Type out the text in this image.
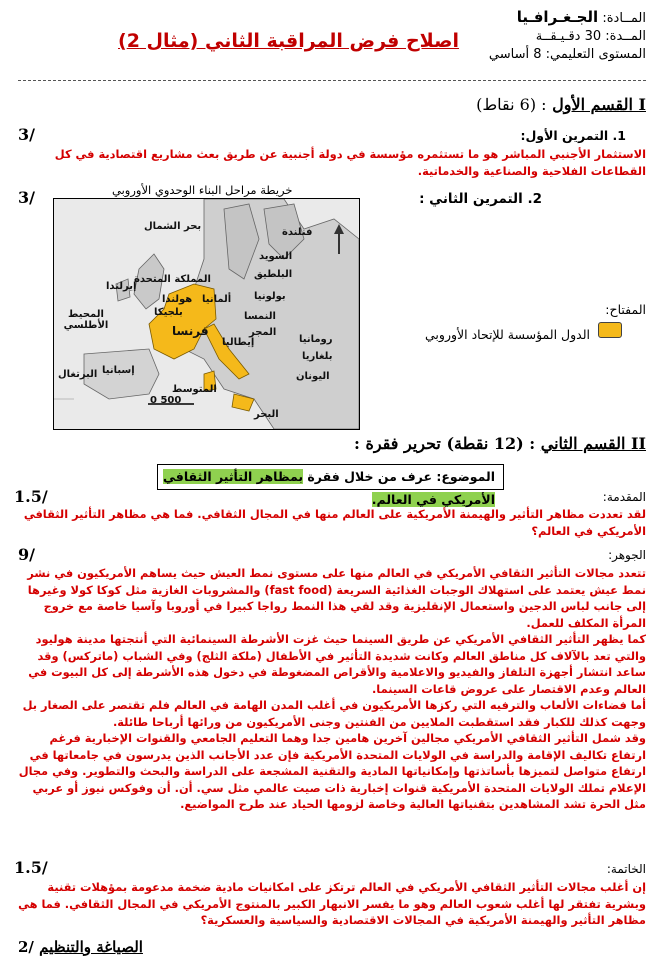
المــادة: الجـغـرافـيا
المــدة: 30 دقـيـقــة
المستوى التعليمي: 8 أساسي
اصلاح فرض المراقبة الثاني (مثال 2)
I القسم الأول : (6 نقاط)
1. التمرين الأول:
3/
الاستثمار الأجنبي المباشر هو ما تستثمره مؤسسة في دولة أجنبية عن طريق بعث مشاريع اقتصادية في كل القطاعات الفلاحية والصناعية والخدماتية.
2. التمرين الثاني :
3/	خريطة مراحل البناء الوحدوي الأوروبي
بحر الشمال
فنلندة
السويد
البلطيق
المملكة المتحدة
هولندا
بلجيكا
ألمانيا بولونيا
فرنسا
النمسا
المجر
إيطاليا	رومانيا
بلغاريا
اليونان
إسبانيا
البرتغال
المحيط الأطلسي
المتوسط
البحر
إيرلندا
0 500
المفتاح:
الدول المؤسسة للإتحاد الأوروبي
II القسم الثاني : (12 نقطة) تحرير فقرة :
الموضوع: عرف من خلال فقرة بمظاهر التأثير الثقافي الأمريكي في العالم.	المقدمة:
1.5/
لقد تعددت مظاهر التأثير والهيمنة الأمريكية على العالم منها في المجال الثقافي. فما هي مظاهر التأثير الثقافي الأمريكي في العالم؟
الجوهر:
9/
تتعدد مجالات التأثير الثقافي الأمريكي في العالم منها على مستوى نمط العيش حيث يساهم الأمريكيون في نشر نمط عيش يعتمد على استهلاك الوجبات الغذائية السريعة (fast food) والمشروبات الغازية مثل كوكا كولا وغيرها إلى جانب لباس الدجين واستعمال الإنقليزية وقد لقي هذا النمط رواجا كبيرا في أوروبا وآسيا خاصة مع خروج المرأة المكلف للعمل.
كما يظهر التأثير الثقافي الأمريكي عن طريق السينما حيث غزت الأشرطة السينمائية التي أنتجتها مدينة هوليود والتي تعد بالآلاف كل مناطق العالم وكانت شديدة التأثير في الأطفال (ملكة الثلج) وفي الشباب (ماتركس) وقد ساعد انتشار أجهزة التلفاز والفيديو والاعلامية والأقراص المضغوطة في دخول هذه الأشرطة إلى كل البيوت في العالم وعدم الاقتصار على عروض قاعات السينما.
أما فضاءات الألعاب والترفيه التي ركزها الأمريكيون في أغلب المدن الهامة في العالم فلم تقتصر على الصغار بل وجهت كذلك للكبار فقد استقطبت الملايين من الفنتين وجنى الأمريكيون من ورائها أرباحا طائلة.
وقد شمل التأثير الثقافي الأمريكي مجالين آخرين هامين جدا وهما التعليم الجامعي والقنوات الإخبارية فرغم ارتفاع تكاليف الإقامة والدراسة في الولايات المتحدة الأمريكية فإن عدد الأجانب الذين يدرسون في جامعاتها في ارتفاع متواصل لتميزها بأساتذتها وإمكانياتها المادية والتقنية المشجعة على الدراسة والبحث والتطوير. وفي مجال الإعلام تملك الولايات المتحدة الأمريكية قنوات إخبارية ذات صيت عالمي مثل سي. أن. أن وفوكس نيوز أو عربي مثل الحرة تشد المشاهدين بتقنياتها العالية وخاصة لزومها الحياد عند طرح المواضيع.
الخاتمة:
1.5/
إن أغلب مجالات التأثير الثقافي الأمريكي في العالم ترتكز على امكانيات مادية ضخمة مدعومة بمؤهلات تقنية وبشرية تفتقر لها أغلب شعوب العالم وهو ما يفسر الانبهار الكبير بالمنتوج الأمريكي في المجال الثقافي. فما هي مظاهر التأثير والهيمنة الأمريكية في المجالات الاقتصادية والسياسية والعسكرية؟
2/ الصياغة والتنظيم
